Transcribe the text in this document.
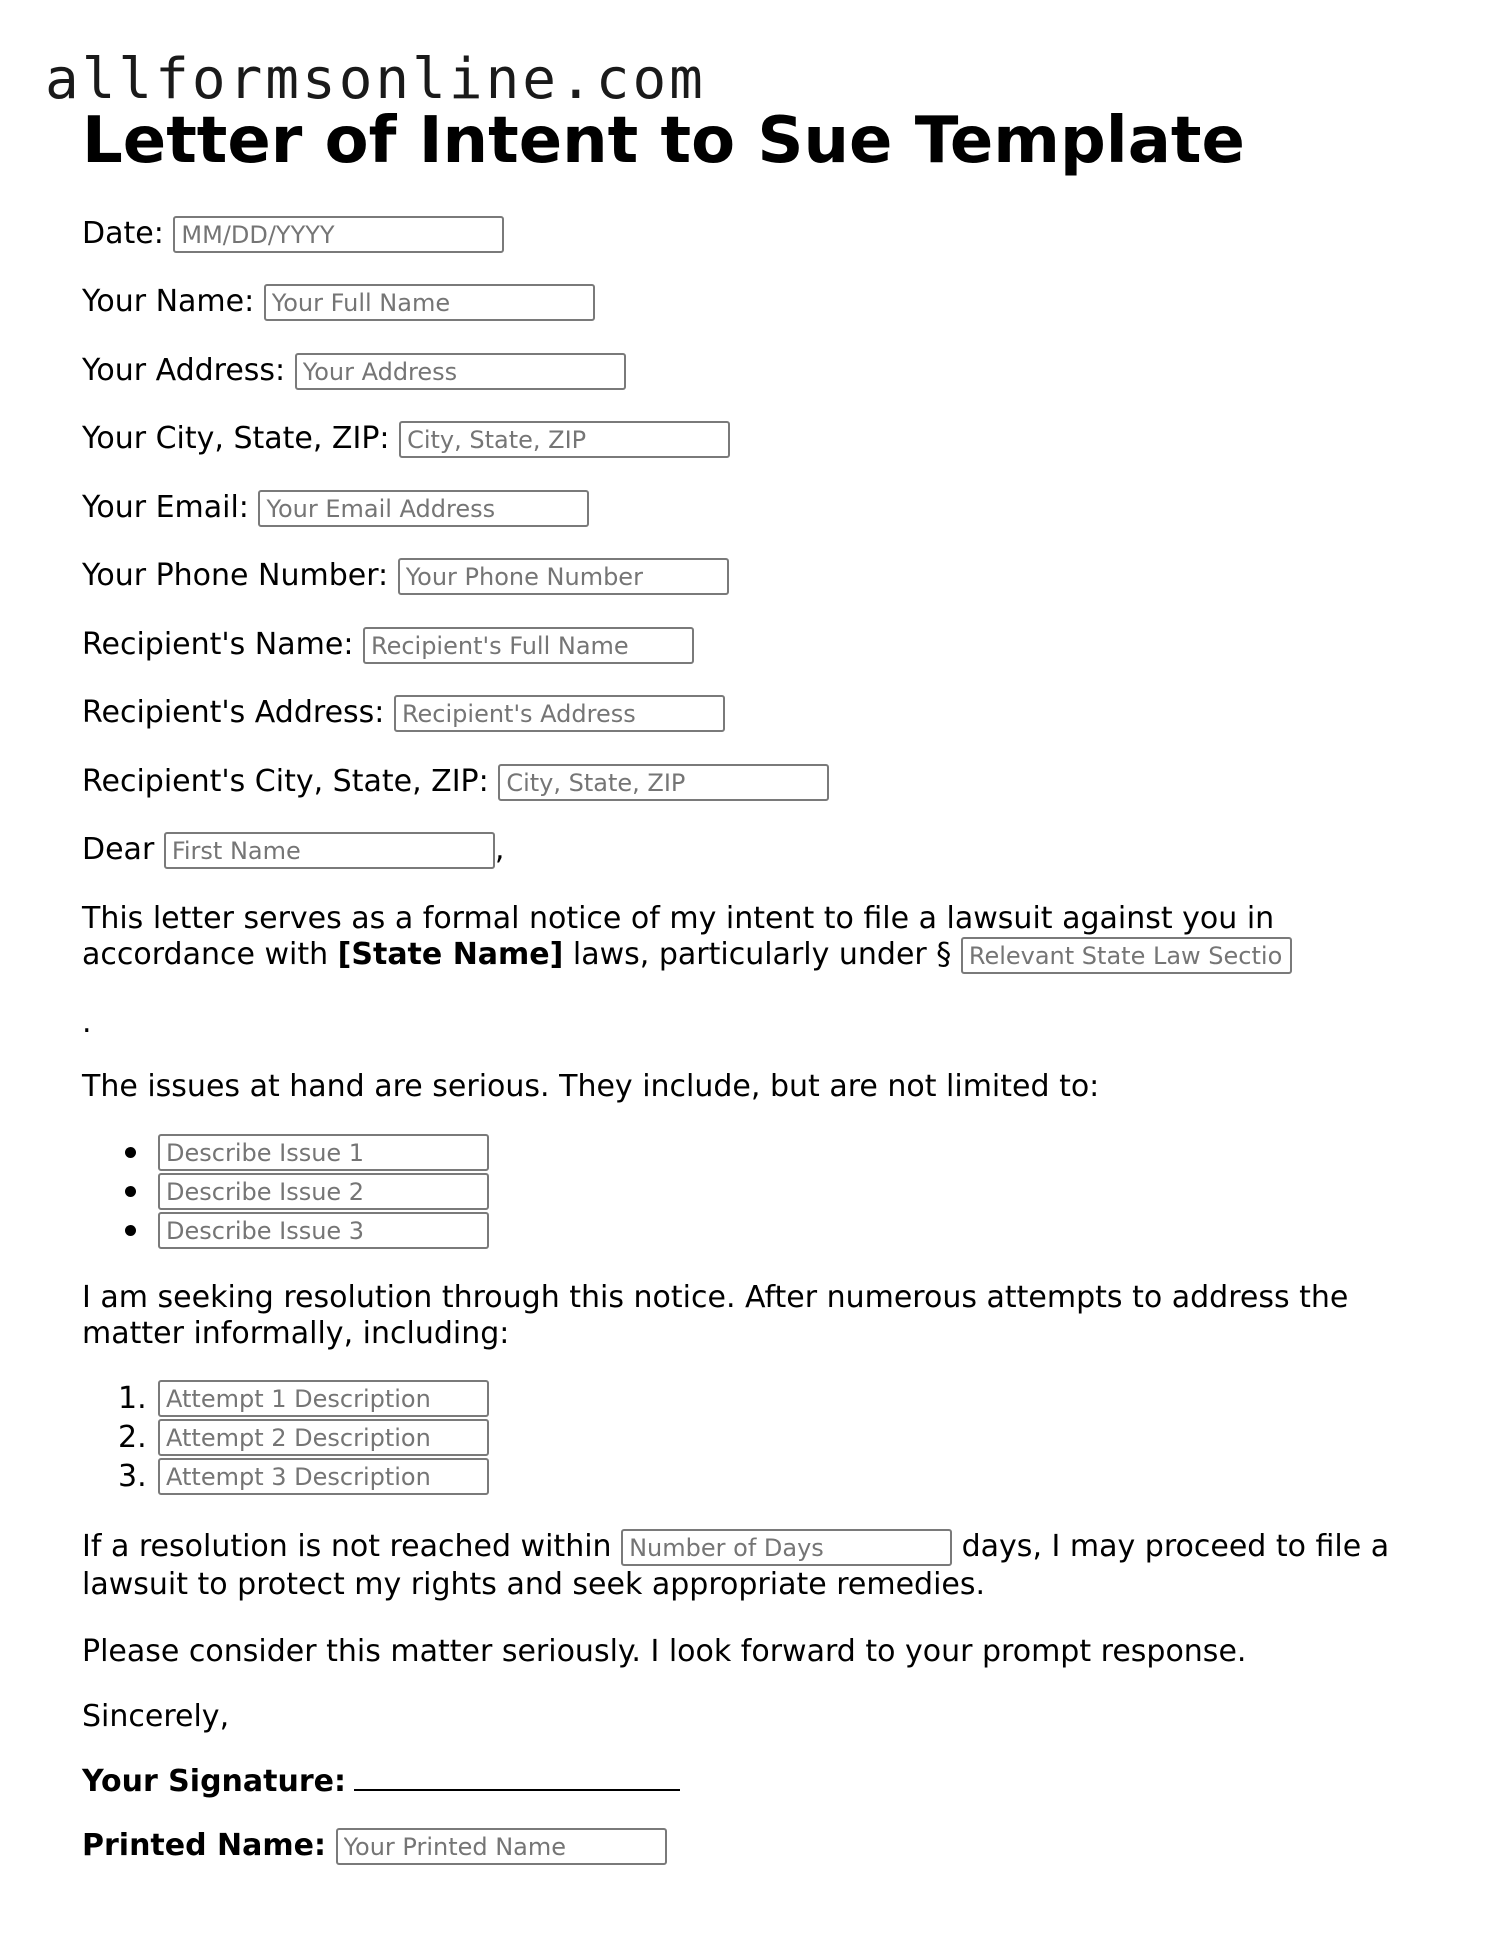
allformsonline.com
Letter of Intent to Sue Template
Date: MM/DD/YYYY
Your Name: Your Full Name
Your Address: Your Address
Your City, State, ZIP: City, State, ZIP
Your Email: Your Email Address
Your Phone Number: Your Phone Number
Recipient's Name: Recipient's Full Name
Recipient's Address: Recipient's Address
Recipient's City, State, ZIP: City, State, ZIP
Dear First Name	,

This letter serves as a formal notice of my intent to file a lawsuit against you in accordance with [State Name] laws, particularly under § Relevant State Law Section

.

The issues at hand are serious. They include, but are not limited to:

Describe Issue 1
Describe Issue 2
Describe Issue 3

I am seeking resolution through this notice. After numerous attempts to address the matter informally, including:

1.
Attempt 1 Description
2.
Attempt 2 Description
3.
Attempt 3 Description

If a resolution is not reached within Number of Days	days, I may proceed to file a lawsuit to protect my rights and seek appropriate remedies.

Please consider this matter seriously. I look forward to your prompt response.

Sincerely,

Your Signature:
Printed Name: Your Printed Name
